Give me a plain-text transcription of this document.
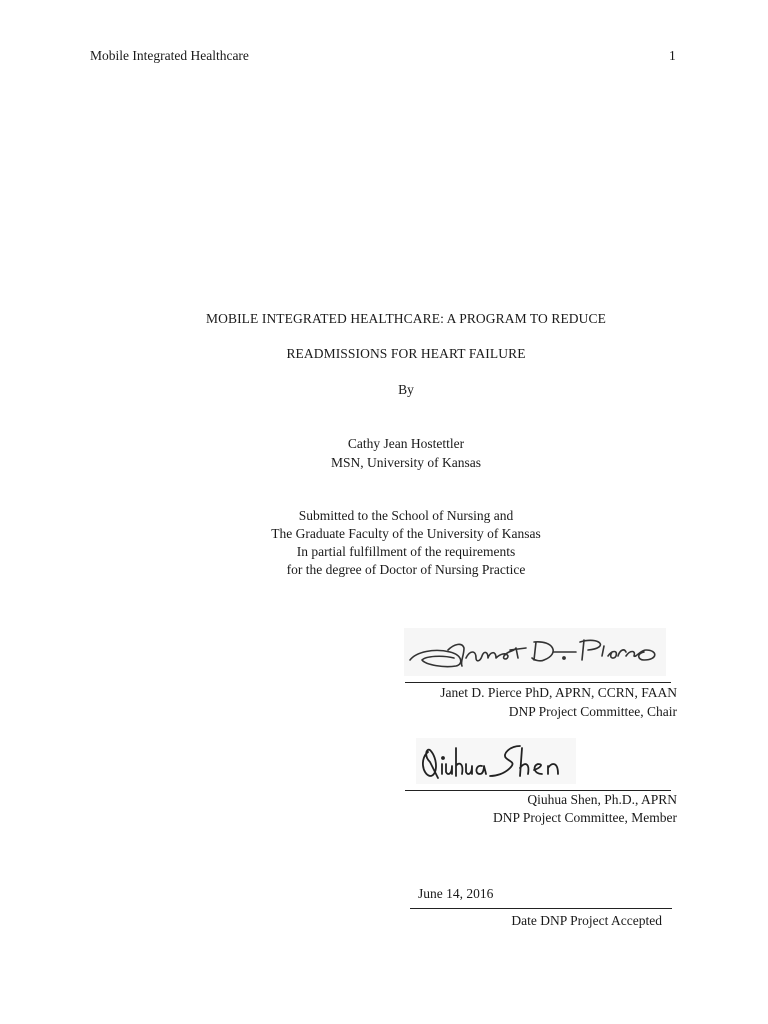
Mobile Integrated Healthcare	1
MOBILE INTEGRATED HEALTHCARE: A PROGRAM TO REDUCE
READMISSIONS FOR HEART FAILURE
By
Cathy Jean Hostettler
MSN, University of Kansas
Submitted to the School of Nursing and
The Graduate Faculty of the University of Kansas
In partial fulfillment of the requirements
for the degree of Doctor of Nursing Practice
Janet D. Pierce PhD, APRN, CCRN, FAAN
DNP Project Committee, Chair
Qiuhua Shen, Ph.D., APRN
DNP Project Committee, Member
June 14, 2016
Date DNP Project Accepted
